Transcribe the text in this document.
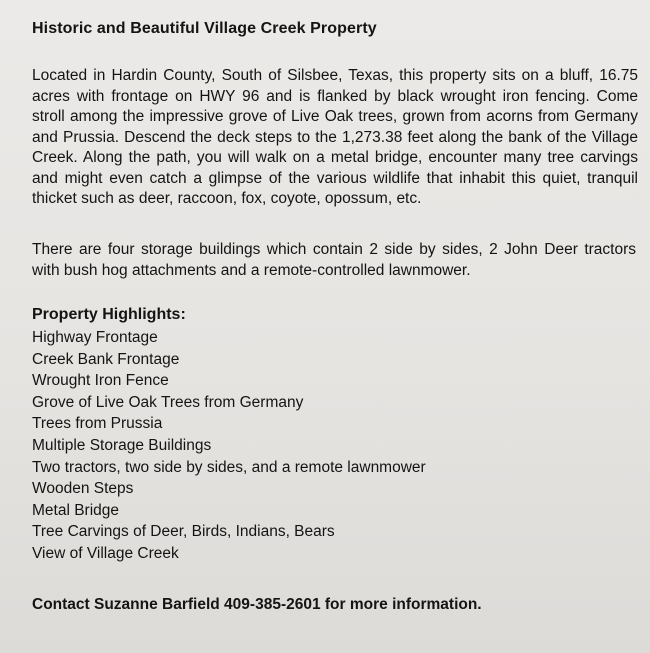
Historic and Beautiful Village Creek Property

Located in Hardin County, South of Silsbee, Texas, this property sits on a bluff, 16.75 acres with frontage on HWY 96 and is flanked by black wrought iron fencing. Come stroll among the impressive grove of Live Oak trees, grown from acorns from Germany and Prussia. Descend the deck steps to the 1,273.38 feet along the bank of the Village Creek. Along the path, you will walk on a metal bridge, encounter many tree carvings and might even catch a glimpse of the various wildlife that inhabit this quiet, tranquil thicket such as deer, raccoon, fox, coyote, opossum, etc.

There are four storage buildings which contain 2 side by sides, 2 John Deer tractors with bush hog attachments and a remote-controlled lawnmower.

Property Highlights:
Highway Frontage
Creek Bank Frontage
Wrought Iron Fence
Grove of Live Oak Trees from Germany
Trees from Prussia
Multiple Storage Buildings
Two tractors, two side by sides, and a remote lawnmower
Wooden Steps
Metal Bridge
Tree Carvings of Deer, Birds, Indians, Bears
View of Village Creek
Contact Suzanne Barfield 409-385-2601 for more information.
